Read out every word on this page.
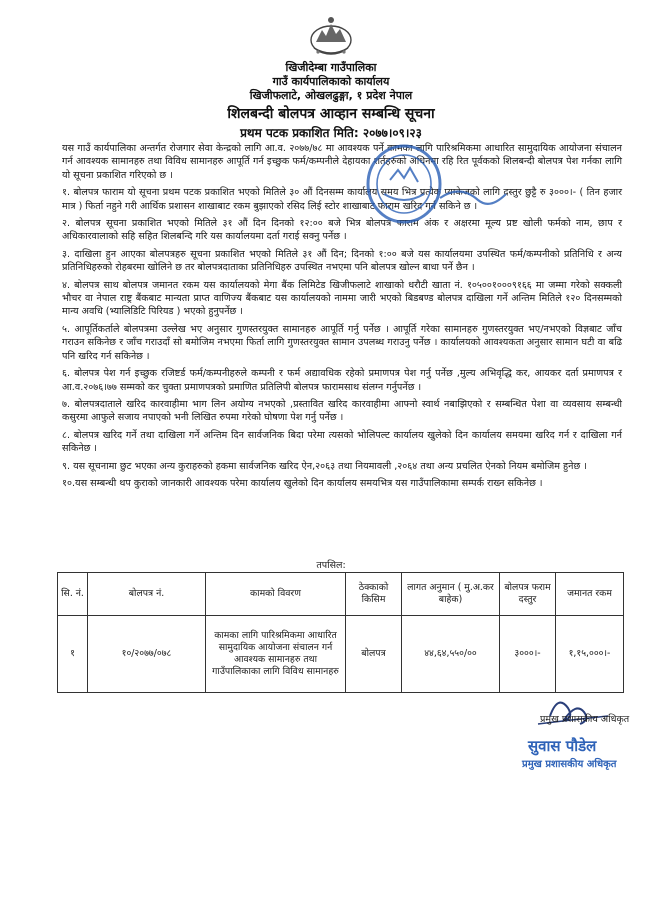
खिजीदेम्बा गाउँपालिका
गाउँ कार्यपालिकाको कार्यालय
खिजीफलाटे, ओखलढुङ्गा, १ प्रदेश नेपाल
शिलबन्दी बोलपत्र आव्हान सम्बन्धि सूचना
प्रथम पटक प्रकाशित मिति: २०७७।०९।२३

यस गाउँ कार्यपालिका अन्तर्गत रोजगार सेवा केन्द्रको लागि आ.व. २०७७/७८ मा आवश्यक पर्ने कामका लागि पारिश्रमिकमा आधारित सामुदायिक आयोजना संचालन गर्न आवश्यक सामानहरु तथा विविध सामानहरु आपूर्ति गर्न इच्छुक फर्म/कम्पनीले देहायका शर्तहरुको अधिनमा रहि रित पूर्वकको शिलबन्दी बोलपत्र पेश गर्नका लागि यो सूचना प्रकाशित गरिएको छ ।

१. बोलपत्र फाराम यो सूचना प्रथम पटक प्रकाशित भएको मितिले ३० औं दिनसम्म कार्यालय समय भित्र प्रत्येक प्याकेजको लागि दस्तुर छुट्टै रु ३०००।- ( तिन हजार मात्र ) फिर्ता नहुने गरी आर्थिक प्रशासन शाखाबाट रकम बुझाएको रसिद लिई स्टोर शाखाबाट फाराम खरिद गर्न सकिने छ ।

२. बोलपत्र सूचना प्रकाशित भएको मितिले ३१ औं दिन दिनको १२:०० बजे भित्र बोलपत्र फाराम अंक र अक्षरमा मूल्य प्रष्ट खोली फर्मको नाम, छाप र अधिकारवालाको सहि सहित शिलबन्दि गरि यस कार्यालयमा दर्ता गराई सक्नु पर्नेछ ।

३. दाखिला हुन आएका बोलपत्रहरु सूचना प्रकाशित भएको मितिले ३१ औं दिन; दिनको १:०० बजे यस कार्यालयमा उपस्थित फर्म/कम्पनीको प्रतिनिधि र अन्य प्रतिनिधिहरुको रोहबरमा खोलिने छ तर बोलपत्रदाताका प्रतिनिधिहरु उपस्थित नभएमा पनि बोलपत्र खोल्न बाधा पर्ने छैन ।

४. बोलपत्र साथ बोलपत्र जमानत रकम यस कार्यालयको मेगा बैंक लिमिटेड खिजीफलाटे शाखाको धरौटी खाता नं. १०५००१०००९१६६ मा जम्मा गरेको सक्कली भौचर वा नेपाल राष्ट्र बैंकबाट मान्यता प्राप्त वाणिज्य बैंकबाट यस कार्यालयको नाममा जारी भएको बिडबण्ड बोलपत्र दाखिला गर्ने अन्तिम मितिले १२० दिनसम्मको मान्य अवधि (भ्यालिडिटि पिरियड ) भएको हुनुपर्नेछ ।

५. आपूर्तिकर्ताले बोलपत्रमा उल्लेख भए अनुसार गुणस्तरयुक्त सामानहरु आपूर्ति गर्नु पर्नेछ । आपूर्ति गरेका सामानहरु गुणस्तरयुक्त भए/नभएको विज्ञबाट जाँच गराउन सकिनेछ र जाँच गराउदाँ सो बमोजिम नभएमा फिर्ता लागि गुणस्तरयुक्त सामान उपलब्ध गराउनु पर्नेछ । कार्यालयको आवश्यकता अनुसार सामान घटी वा बढि पनि खरिद गर्न सकिनेछ ।

६. बोलपत्र पेश गर्न इच्छुक रजिष्टर्ड फर्म/कम्पनीहरुले कम्पनी र फर्म अद्यावधिक रहेको प्रमाणपत्र पेश गर्नु पर्नेछ ,मुल्य अभिवृद्धि कर, आयकर दर्ता प्रमाणपत्र र आ.व.२०७६।७७ सम्मको कर चुक्ता प्रमाणपत्रको प्रमाणित प्रतिलिपी बोलपत्र फारामसाथ संलग्न गर्नुपर्नेछ ।

७. बोलपत्रदाताले खरिद कारवाहीमा भाग लिन अयोग्य नभएको ,प्रस्तावित खरिद कारवाहीमा आफ्नो स्वार्थ नबाझिएको र सम्बन्धित पेशा वा व्यवसाय सम्बन्धी कसुरमा आफुले सजाय नपाएको भनी लिखित रुपमा गरेको घोषणा पेश गर्नु पर्नेछ ।

८. बोलपत्र खरिद गर्ने तथा दाखिला गर्ने अन्तिम दिन सार्वजनिक बिदा परेमा त्यसको भोलिपल्ट कार्यालय खुलेको दिन कार्यालय समयमा खरिद गर्न र दाखिला गर्न सकिनेछ ।

९. यस सूचनामा छुट भएका अन्य कुराहरुको हकमा सार्वजनिक खरिद ऐन,२०६३ तथा नियमावली ,२०६४ तथा अन्य प्रचलित ऐनको नियम बमोजिम हुनेछ ।

१०.यस सम्बन्धी थप कुराको जानकारी आवश्यक परेमा कार्यालय खुलेको दिन कार्यालय समयभित्र यस गाउँपालिकामा सम्पर्क राख्न सकिनेछ ।

तपसिल:
सि. नं.	बोलपत्र नं.	कामको विवरण	ठेक्काको किसिम	लागत अनुमान ( मु.अ.कर बाहेक)	बोलपत्र फराम दस्तुर	जमानत रकम
१	१०/२०७७/०७८	कामका लागि पारिश्रमिकमा आधारित सामुदायिक आयोजना संचालन गर्न आवश्यक सामानहरु तथा गाउँपालिकाका लागि विविध सामानहरु	बोलपत्र	४४,६४,५५०/००	३०००।-	१,१५,०००।-
प्रमुख प्रशासकीय अधिकृत
सुवास पौडेल
प्रमुख प्रशासकीय अधिकृत
